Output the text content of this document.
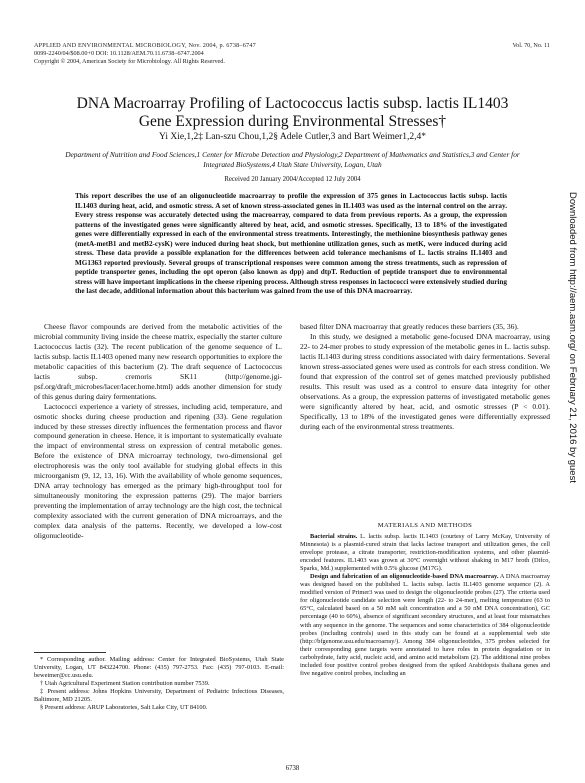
APPLIED AND ENVIRONMENTAL MICROBIOLOGY, Nov. 2004, p. 6738–6747
0099-2240/04/$08.00+0 DOI: 10.1128/AEM.70.11.6738–6747.2004
Copyright © 2004, American Society for Microbiology. All Rights Reserved.
Vol. 70, No. 11
DNA Macroarray Profiling of Lactococcus lactis subsp. lactis IL1403
Gene Expression during Environmental Stresses†
Yi Xie,1,2‡ Lan-szu Chou,1,2§ Adele Cutler,3 and Bart Weimer1,2,4*
Department of Nutrition and Food Sciences,1 Center for Microbe Detection and Physiology,2 Department of Mathematics and Statistics,3 and Center for Integrated BioSystems,4 Utah State University, Logan, Utah
Received 20 January 2004/Accepted 12 July 2004
This report describes the use of an oligonucleotide macroarray to profile the expression of 375 genes in Lactococcus lactis subsp. lactis IL1403 during heat, acid, and osmotic stress. A set of known stress-associated genes in IL1403 was used as the internal control on the array. Every stress response was accurately detected using the macroarray, compared to data from previous reports. As a group, the expression patterns of the investigated genes were significantly altered by heat, acid, and osmotic stresses. Specifically, 13 to 18% of the investigated genes were differentially expressed in each of the environmental stress treatments. Interestingly, the methionine biosynthesis pathway genes (metA-metB1 and metB2-cysK) were induced during heat shock, but methionine utilization genes, such as metK, were induced during acid stress. These data provide a possible explanation for the differences between acid tolerance mechanisms of L. lactis strains IL1403 and MG1363 reported previously. Several groups of transcriptional responses were common among the stress treatments, such as repression of peptide transporter genes, including the opt operon (also known as dpp) and dtpT. Reduction of peptide transport due to environmental stress will have important implications in the cheese ripening process. Although stress responses in lactococci were extensively studied during the last decade, additional information about this bacterium was gained from the use of this DNA macroarray.

Cheese flavor compounds are derived from the metabolic activities of the microbial community living inside the cheese matrix, especially the starter culture Lactococcus lactis (32). The recent publication of the genome sequence of L. lactis subsp. lactis IL1403 opened many new research opportunities to explore the metabolic capacities of this bacterium (2). The draft sequence of Lactococcus lactis subsp. cremoris SK11 (http://genome.jgi-psf.org/draft_microbes/lacer/lacer.home.html) adds another dimension for study of this genus during dairy fermentations.

Lactococci experience a variety of stresses, including acid, temperature, and osmotic shocks during cheese production and ripening (33). Gene regulation induced by these stresses directly influences the fermentation process and flavor compound generation in cheese. Hence, it is important to systematically evaluate the impact of environmental stress on expression of central metabolic genes. Before the existence of DNA microarray technology, two-dimensional gel electrophoresis was the only tool available for studying global effects in this microorganism (9, 12, 13, 16). With the availability of whole genome sequences, DNA array technology has emerged as the primary high-throughput tool for simultaneously monitoring the expression patterns (29). The major barriers preventing the implementation of array technology are the high cost, the technical complexity associated with the current generation of DNA microarrays, and the complex data analysis of the patterns. Recently, we developed a low-cost oligonucleotide-

based filter DNA macroarray that greatly reduces these barriers (35, 36).

In this study, we designed a metabolic gene-focused DNA macroarray, using 22- to 24-mer probes to study expression of the metabolic genes in L. lactis subsp. lactis IL1403 during stress conditions associated with dairy fermentations. Several known stress-associated genes were used as controls for each stress condition. We found that expression of the control set of genes matched previously published results. This result was used as a control to ensure data integrity for other observations. As a group, the expression patterns of investigated metabolic genes were significantly altered by heat, acid, and osmotic stresses (P < 0.01). Specifically, 13 to 18% of the investigated genes were differentially expressed during each of the environmental stress treatments.

MATERIALS AND METHODS

Bacterial strains. L. lactis subsp. lactis IL1403 (courtesy of Larry McKay, University of Minnesota) is a plasmid-cured strain that lacks lactose transport and utilization genes, the cell envelope protease, a citrate transporter, restriction-modification systems, and other plasmid-encoded features. IL1403 was grown at 30°C overnight without shaking in M17 broth (Difco, Sparks, Md.) supplemented with 0.5% glucose (M17G).

Design and fabrication of an oligonucleotide-based DNA macroarray. A DNA macroarray was designed based on the published L. lactis subsp. lactis IL1403 genome sequence (2). A modified version of Primer3 was used to design the oligonucleotide probes (27). The criteria used for oligonucleotide candidate selection were length (22- to 24-mer), melting temperature (63 to 65°C, calculated based on a 50 mM salt concentration and a 50 nM DNA concentration), GC percentage (40 to 60%), absence of significant secondary structures, and at least four mismatches with any sequence in the genome. The sequences and some characteristics of 384 oligonucleotide probes (including controls) used in this study can be found at a supplemental web site (http://bfgenome.usu.edu/macroarray/). Among 384 oligonucleotides, 375 probes selected for their corresponding gene targets were annotated to have roles in protein degradation or in carbohydrate, fatty acid, nucleic acid, and amino acid metabolism (2). The additional nine probes included four positive control probes designed from the spiked Arabidopsis thaliana genes and five negative control probes, including an

* Corresponding author. Mailing address: Center for Integrated BioSystems, Utah State University, Logan, UT 843224700. Phone: (435) 797-2753. Fax: (435) 797-0103. E-mail: beweimer@cc.usu.edu.

† Utah Agricultural Experiment Station contribution number 7539.

‡ Present address: Johns Hopkins University, Department of Pediatric Infectious Diseases, Baltimore, MD 21205.

§ Present address: ARUP Laboratories, Salt Lake City, UT 84100.

6738
Downloaded from http://aem.asm.org/ on February 21, 2016 by guest
